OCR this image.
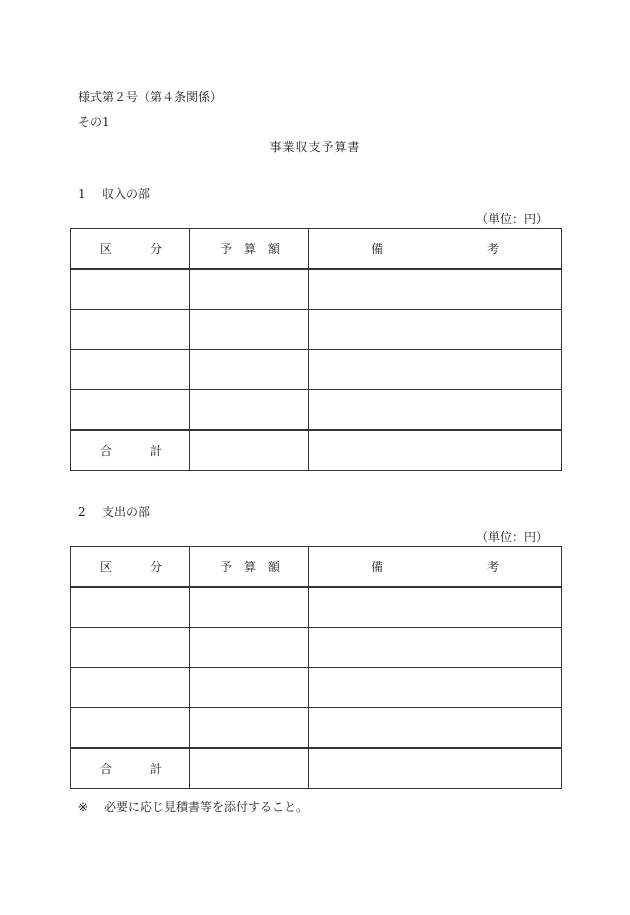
様式第２号（第４条関係）
その1
事業収支予算書
1 収入の部
（単位：円）
区 分	予 算 額	備 考

合 計		

2 支出の部
（単位：円）
区 分	予 算 額	備 考

合 計		

※ 必要に応じ見積書等を添付すること。
